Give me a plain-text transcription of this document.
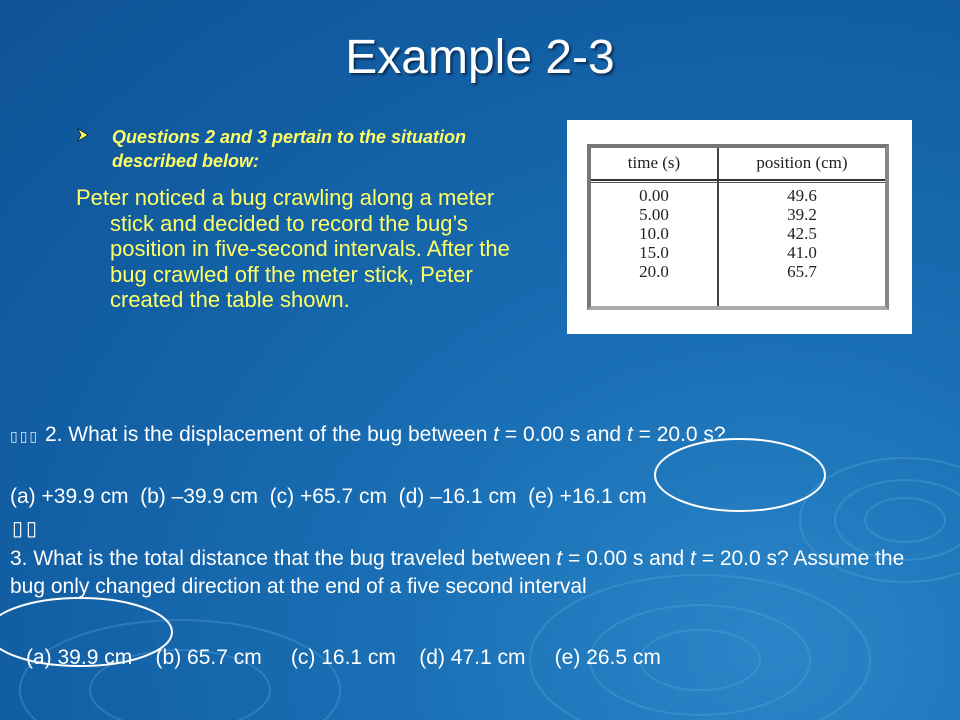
Example 2-3
Questions 2 and 3 pertain to the situation described below:
Peter noticed a bug crawling along a meter stick and decided to record the bug’s position in five-second intervals. After the bug crawled off the meter stick, Peter created the table shown.
time (s)
0.00
5.00
10.0
15.0
20.0
position (cm)
49.6
39.2
42.5
41.0
65.7
▯▯▯ 2. What is the displacement of the bug between t = 0.00 s and t = 20.0 s?
(a) +39.9 cm  (b) –39.9 cm  (c) +65.7 cm  (d) –16.1 cm  (e) +16.1 cm
▯▯
3. What is the total distance that the bug traveled between t = 0.00 s and t = 20.0 s? Assume the bug only changed direction at the end of a five second interval
(a) 39.9 cm    (b) 65.7 cm     (c) 16.1 cm    (d) 47.1 cm     (e) 26.5 cm
